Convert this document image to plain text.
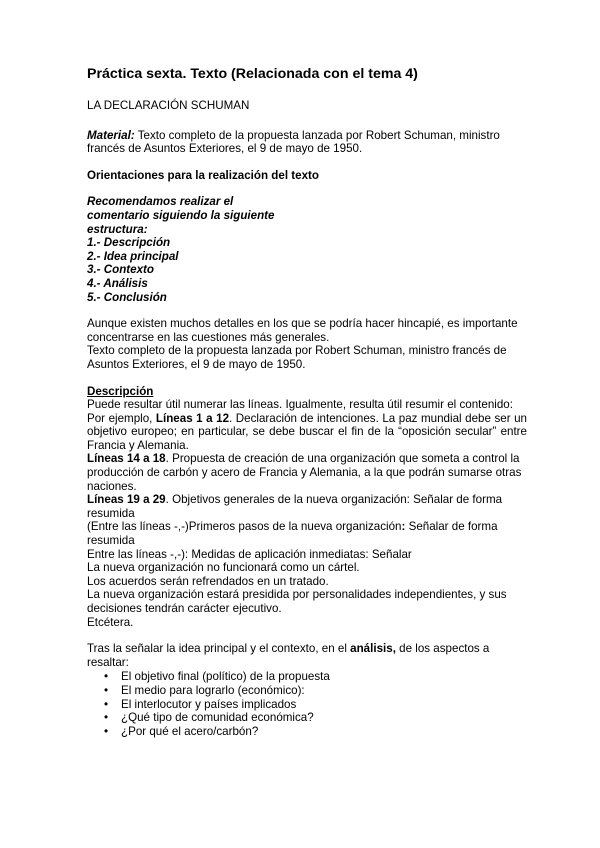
Práctica sexta. Texto (Relacionada con el tema 4)
LA DECLARACIÓN SCHUMAN

Material: Texto completo de la propuesta lanzada por Robert Schuman, ministro francés de Asuntos Exteriores, el 9 de mayo de 1950.

Orientaciones para la realización del texto

Recomendamos realizar el

comentario siguiendo la siguiente

estructura:

1.- Descripción

2.- Idea principal

3.- Contexto

4.- Análisis

5.- Conclusión

Aunque existen muchos detalles en los que se podría hacer hincapié, es importante concentrarse en las cuestiones más generales.

Texto completo de la propuesta lanzada por Robert Schuman, ministro francés de Asuntos Exteriores, el 9 de mayo de 1950.

Descripción

Puede resultar útil numerar las líneas. Igualmente, resulta útil resumir el contenido:

Por ejemplo, Líneas 1 a 12. Declaración de intenciones. La paz mundial debe ser un objetivo europeo; en particular, se debe buscar el fin de la “oposición secular” entre Francia y Alemania.

Líneas 14 a 18. Propuesta de creación de una organización que someta a control la producción de carbón y acero de Francia y Alemania, a la que podrán sumarse otras naciones.

Líneas 19 a 29. Objetivos generales de la nueva organización: Señalar de forma resumida

(Entre las líneas -,-)Primeros pasos de la nueva organización: Señalar de forma resumida

Entre las líneas -,-): Medidas de aplicación inmediatas: Señalar

La nueva organización no funcionará como un cártel.

Los acuerdos serán refrendados en un tratado.

La nueva organización estará presidida por personalidades independientes, y sus decisiones tendrán carácter ejecutivo.

Etcétera.

Tras la señalar la idea principal y el contexto, en el análisis, de los aspectos a resaltar:

• El objetivo final (político) de la propuesta
• El medio para lograrlo (económico):
• El interlocutor y países implicados
• ¿Qué tipo de comunidad económica?
• ¿Por qué el acero/carbón?
